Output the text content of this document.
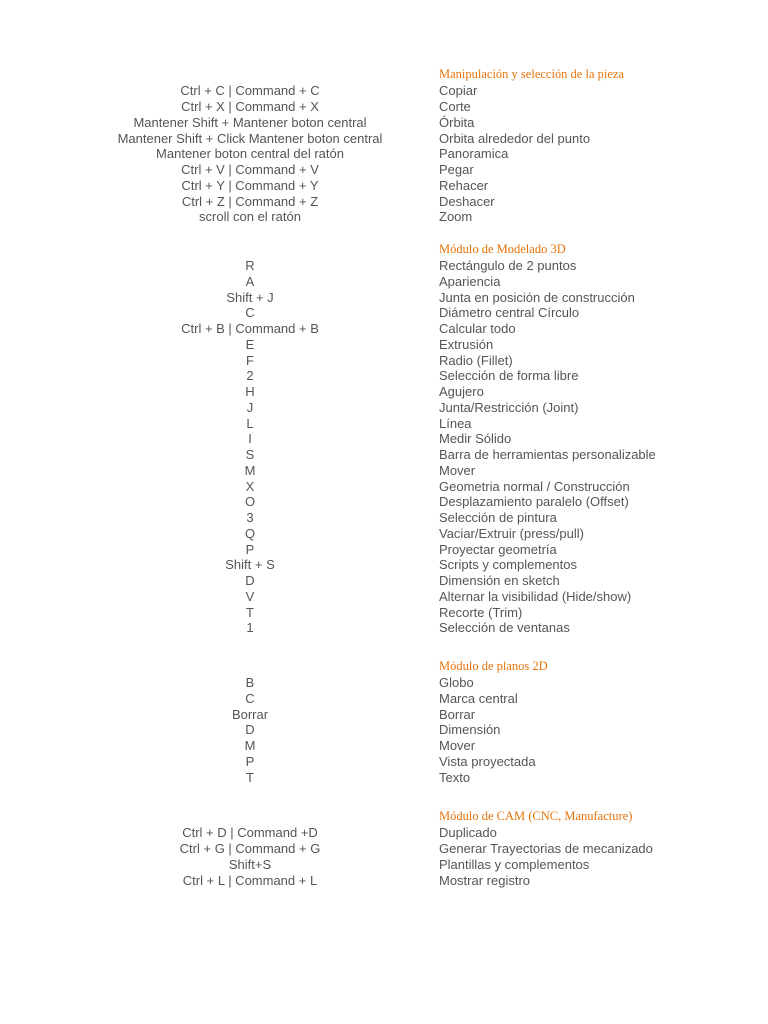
Manipulación y selección de la pieza
Ctrl + C | Command + C	Copiar
Ctrl + X | Command + X	Corte
Mantener Shift + Mantener boton central	Órbita
Mantener Shift + Click Mantener boton central	Orbita alrededor del punto
Mantener boton central del ratón	Panoramica
Ctrl + V | Command + V	Pegar
Ctrl + Y | Command + Y	Rehacer
Ctrl + Z | Command + Z	Deshacer
scroll con el ratón	Zoom
Módulo de Modelado 3D
R	Rectángulo de 2 puntos
A	Apariencia
Shift + J	Junta en posición de construcción
C	Diámetro central Círculo
Ctrl + B | Command + B	Calcular todo
E	Extrusión
F	Radio (Fillet)
2	Selección de forma libre
H	Agujero
J	Junta/Restricción (Joint)
L	Línea
I	Medir Sólido
S	Barra de herramientas personalizable
M	Mover
X	Geometria normal / Construcción
O	Desplazamiento paralelo (Offset)
3	Selección de pintura
Q	Vaciar/Extruir (press/pull)
P	Proyectar geometría
Shift + S	Scripts y complementos
D	Dimensión en sketch
V	Alternar la visibilidad (Hide/show)
T	Recorte (Trim)
1	Selección de ventanas
Módulo de planos 2D
B	Globo
C	Marca central
Borrar	Borrar
D	Dimensión
M	Mover
P	Vista proyectada
T	Texto
Módulo de CAM (CNC, Manufacture)
Ctrl + D | Command +D	Duplicado
Ctrl + G | Command + G	Generar Trayectorias de mecanizado
Shift+S	Plantillas y complementos
Ctrl + L | Command + L	Mostrar registro
